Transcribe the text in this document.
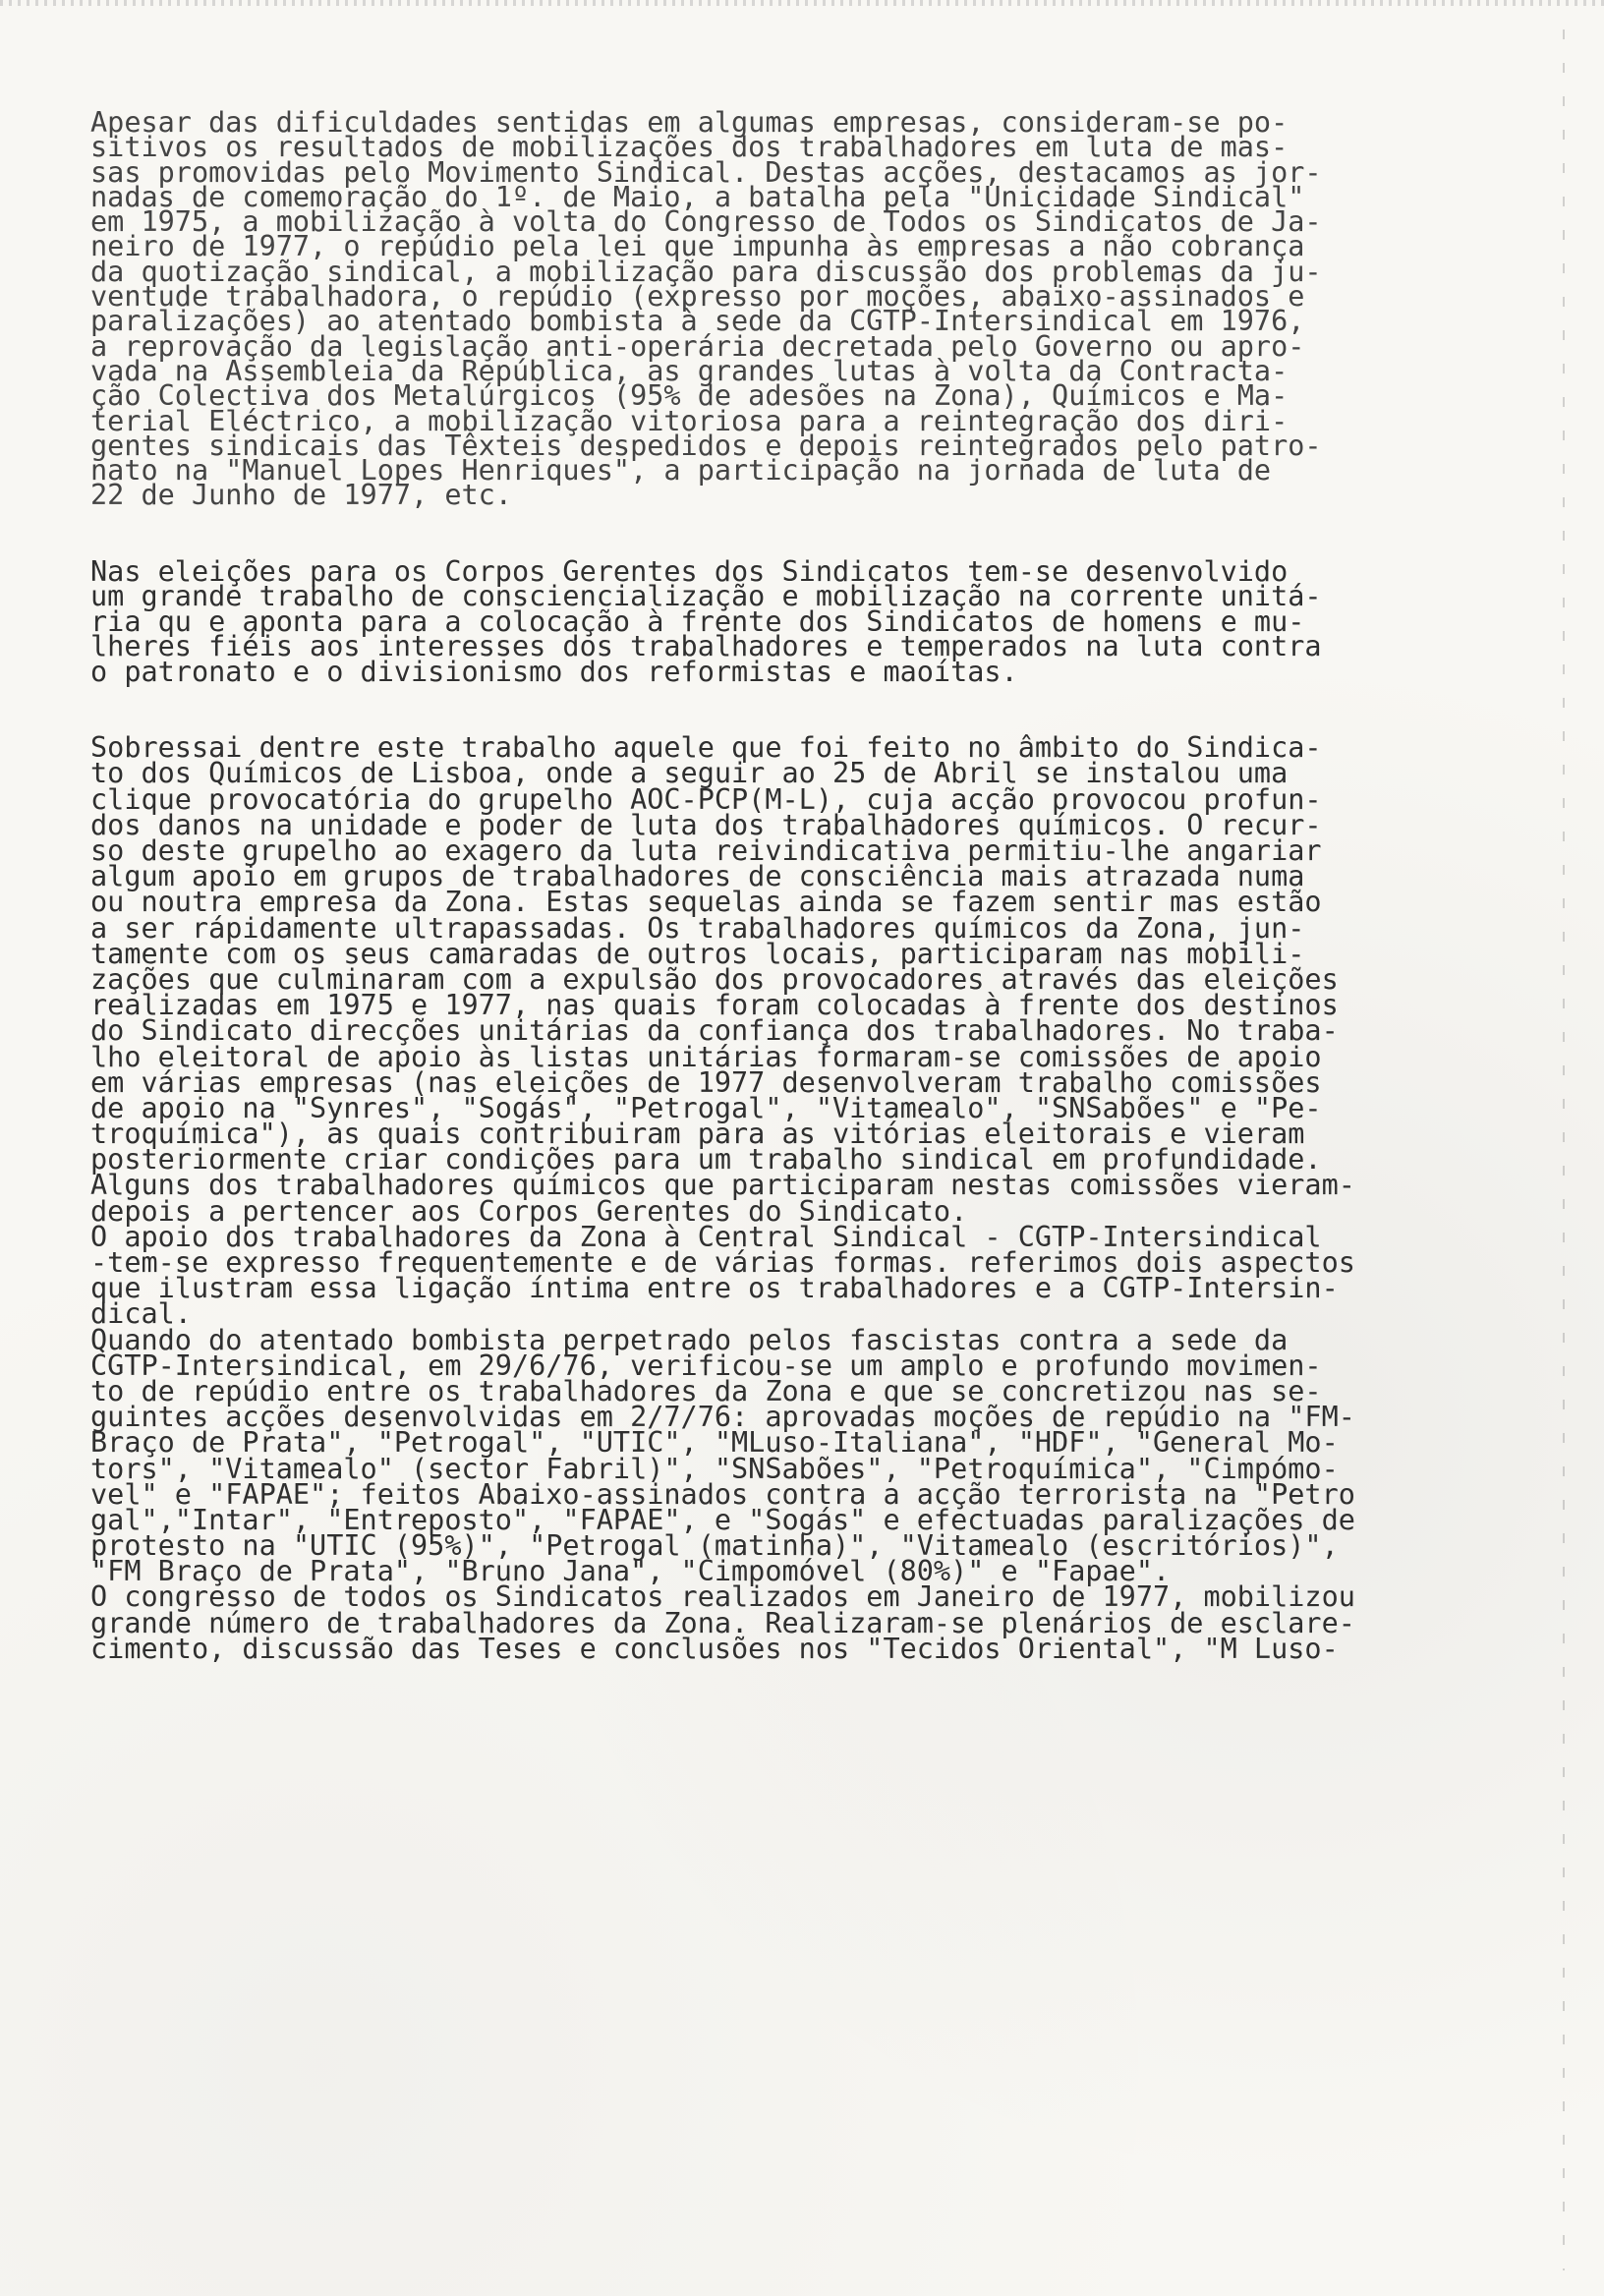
Apesar das dificuldades sentidas em algumas empresas, consideram-se po-
sitivos os resultados de mobilizações dos trabalhadores em luta de mas-
sas promovidas pelo Movimento Sindical. Destas acções, destacamos as jor-
nadas de comemoração do 1º. de Maio, a batalha pela "Unicidade Sindical"
em 1975, a mobilização à volta do Congresso de Todos os Sindicatos de Ja-
neiro de 1977, o repúdio pela lei que impunha às empresas a não cobrança
da quotização sindical, a mobilização para discussão dos problemas da ju-
ventude trabalhadora, o repúdio (expresso por moções, abaixo-assinados e
paralizações) ao atentado bombista à sede da CGTP-Intersindical em 1976,
a reprovação da legislação anti-operária decretada pelo Governo ou apro-
vada na Assembleia da República, as grandes lutas à volta da Contracta-
ção Colectiva dos Metalúrgicos (95% de adesões na Zona), Químicos e Ma-
terial Eléctrico, a mobilização vitoriosa para a reintegração dos diri-
gentes sindicais das Têxteis despedidos e depois reintegrados pelo patro-
nato na "Manuel Lopes Henriques", a participação na jornada de luta de
22 de Junho de 1977, etc.
Nas eleições para os Corpos Gerentes dos Sindicatos tem-se desenvolvido
um grande trabalho de consciencialização e mobilização na corrente unitá-
ria qu e aponta para a colocação à frente dos Sindicatos de homens e mu-
lheres fiéis aos interesses dos trabalhadores e temperados na luta contra
o patronato e o divisionismo dos reformistas e maoítas.
Sobressai dentre este trabalho aquele que foi feito no âmbito do Sindica-
to dos Químicos de Lisboa, onde a seguir ao 25 de Abril se instalou uma
clique provocatória do grupelho AOC-PCP(M-L), cuja acção provocou profun-
dos danos na unidade e poder de luta dos trabalhadores químicos. O recur-
so deste grupelho ao exagero da luta reivindicativa permitiu-lhe angariar
algum apoio em grupos de trabalhadores de consciência mais atrazada numa
ou noutra empresa da Zona. Estas sequelas ainda se fazem sentir mas estão
a ser rápidamente ultrapassadas. Os trabalhadores químicos da Zona, jun-
tamente com os seus camaradas de outros locais, participaram nas mobili-
zações que culminaram com a expulsão dos provocadores através das eleições
realizadas em 1975 e 1977, nas quais foram colocadas à frente dos destinos
do Sindicato direcções unitárias da confiança dos trabalhadores. No traba-
lho eleitoral de apoio às listas unitárias formaram-se comissões de apoio
em várias empresas (nas eleições de 1977 desenvolveram trabalho comissões
de apoio na "Synres", "Sogás", "Petrogal", "Vitamealo", "SNSabões" e "Pe-
troquímica"), as quais contribuiram para as vitórias eleitorais e vieram
posteriormente criar condições para um trabalho sindical em profundidade.
Alguns dos trabalhadores químicos que participaram nestas comissões vieram-
depois a pertencer aos Corpos Gerentes do Sindicato.
O apoio dos trabalhadores da Zona à Central Sindical - CGTP-Intersindical
-tem-se expresso frequentemente e de várias formas. referimos dois aspectos
que ilustram essa ligação íntima entre os trabalhadores e a CGTP-Intersin-
dical.
Quando do atentado bombista perpetrado pelos fascistas contra a sede da
CGTP-Intersindical, em 29/6/76, verificou-se um amplo e profundo movimen-
to de repúdio entre os trabalhadores da Zona e que se concretizou nas se-
guintes acções desenvolvidas em 2/7/76: aprovadas moções de repúdio na "FM-
Braço de Prata", "Petrogal", "UTIC", "MLuso-Italiana", "HDF", "General Mo-
tors", "Vitamealo" (sector Fabril)", "SNSabões", "Petroquímica", "Cimpómo-
vel" e "FAPAE"; feitos Abaixo-assinados contra a acção terrorista na "Petro
gal","Intar", "Entreposto", "FAPAE", e "Sogás" e efectuadas paralizações de
protesto na "UTIC (95%)", "Petrogal (matinha)", "Vitamealo (escritórios)",
"FM Braço de Prata", "Bruno Jana", "Cimpomóvel (80%)" e "Fapae".
O congresso de todos os Sindicatos realizados em Janeiro de 1977, mobilizou
grande número de trabalhadores da Zona. Realizaram-se plenários de esclare-
cimento, discussão das Teses e conclusões nos "Tecidos Oriental", "M Luso-
